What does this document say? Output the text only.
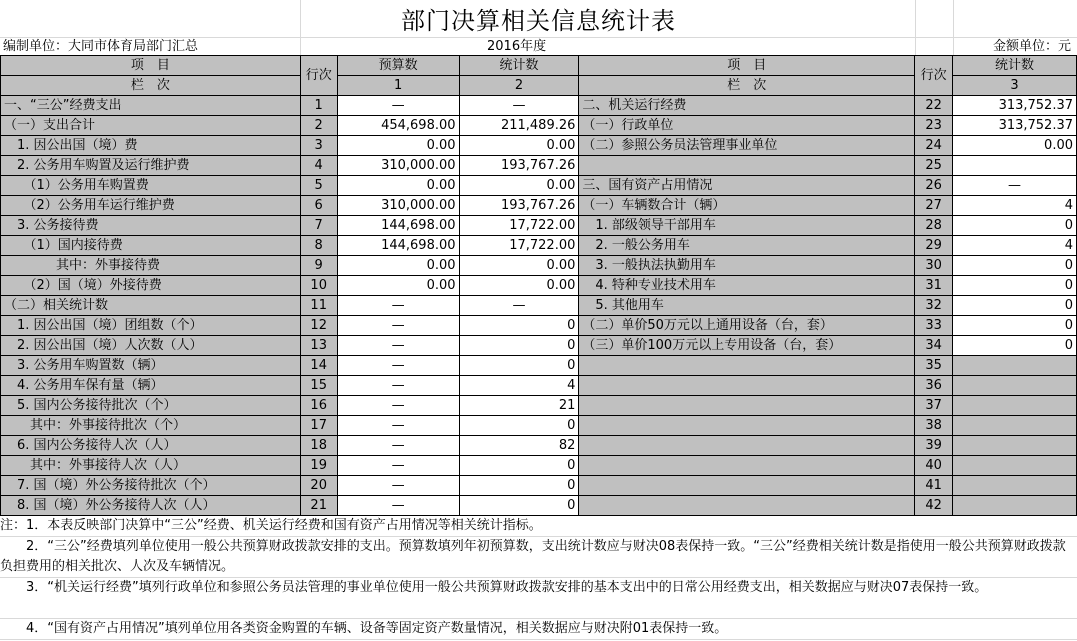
部门决算相关信息统计表
编制单位：大同市体育局部门汇总	2016年度	金额单位：元
项　目	行次	预算数	统计数	项　目	行次	统计数
栏　次		1	2	栏　次		3
一、“三公”经费支出	1	—	—	二、机关运行经费	22	313,752.37
（一）支出合计	2	454,698.00	211,489.26	（一）行政单位	23	313,752.37
　1. 因公出国（境）费	3	0.00	0.00	（二）参照公务员法管理事业单位	24	0.00
　2. 公务用车购置及运行维护费	4	310,000.00	193,767.26		25	
　　（1）公务用车购置费	5	0.00	0.00	三、国有资产占用情况	26	—
　　（2）公务用车运行维护费	6	310,000.00	193,767.26	（一）车辆数合计（辆）	27	4
　3. 公务接待费	7	144,698.00	17,722.00	　1. 部级领导干部用车	28	0
　　（1）国内接待费	8	144,698.00	17,722.00	　2. 一般公务用车	29	4
　　　　其中：外事接待费	9	0.00	0.00	　3. 一般执法执勤用车	30	0
　　（2）国（境）外接待费	10	0.00	0.00	　4. 特种专业技术用车	31	0
（二）相关统计数	11	—	—	　5. 其他用车	32	0
　1. 因公出国（境）团组数（个）	12	—	0	（二）单价50万元以上通用设备（台，套）	33	0
　2. 因公出国（境）人次数（人）	13	—	0	（三）单价100万元以上专用设备（台，套）	34	0
　3. 公务用车购置数（辆）	14	—	0		35	
　4. 公务用车保有量（辆）	15	—	4		36	
　5. 国内公务接待批次（个）	16	—	21		37	
　　其中：外事接待批次（个）	17	—	0		38	
　6. 国内公务接待人次（人）	18	—	82		39	
　　其中：外事接待人次（人）	19	—	0		40	
　7. 国（境）外公务接待批次（个）	20	—	0		41	
　8. 国（境）外公务接待人次（人）	21	—	0		42	
注：1．本表反映部门决算中“三公”经费、机关运行经费和国有资产占用情况等相关统计指标。
　　2．“三公”经费填列单位使用一般公共预算财政拨款安排的支出。预算数填列年初预算数，支出统计数应与财决08表保持一致。“三公”经费相关统计数是指使用一般公共预算财政拨款负担费用的相关批次、人次及车辆情况。
　　3．“机关运行经费”填列行政单位和参照公务员法管理的事业单位使用一般公共预算财政拨款安排的基本支出中的日常公用经费支出，相关数据应与财决07表保持一致。
　　4．“国有资产占用情况”填列单位用各类资金购置的车辆、设备等固定资产数量情况，相关数据应与财决附01表保持一致。
